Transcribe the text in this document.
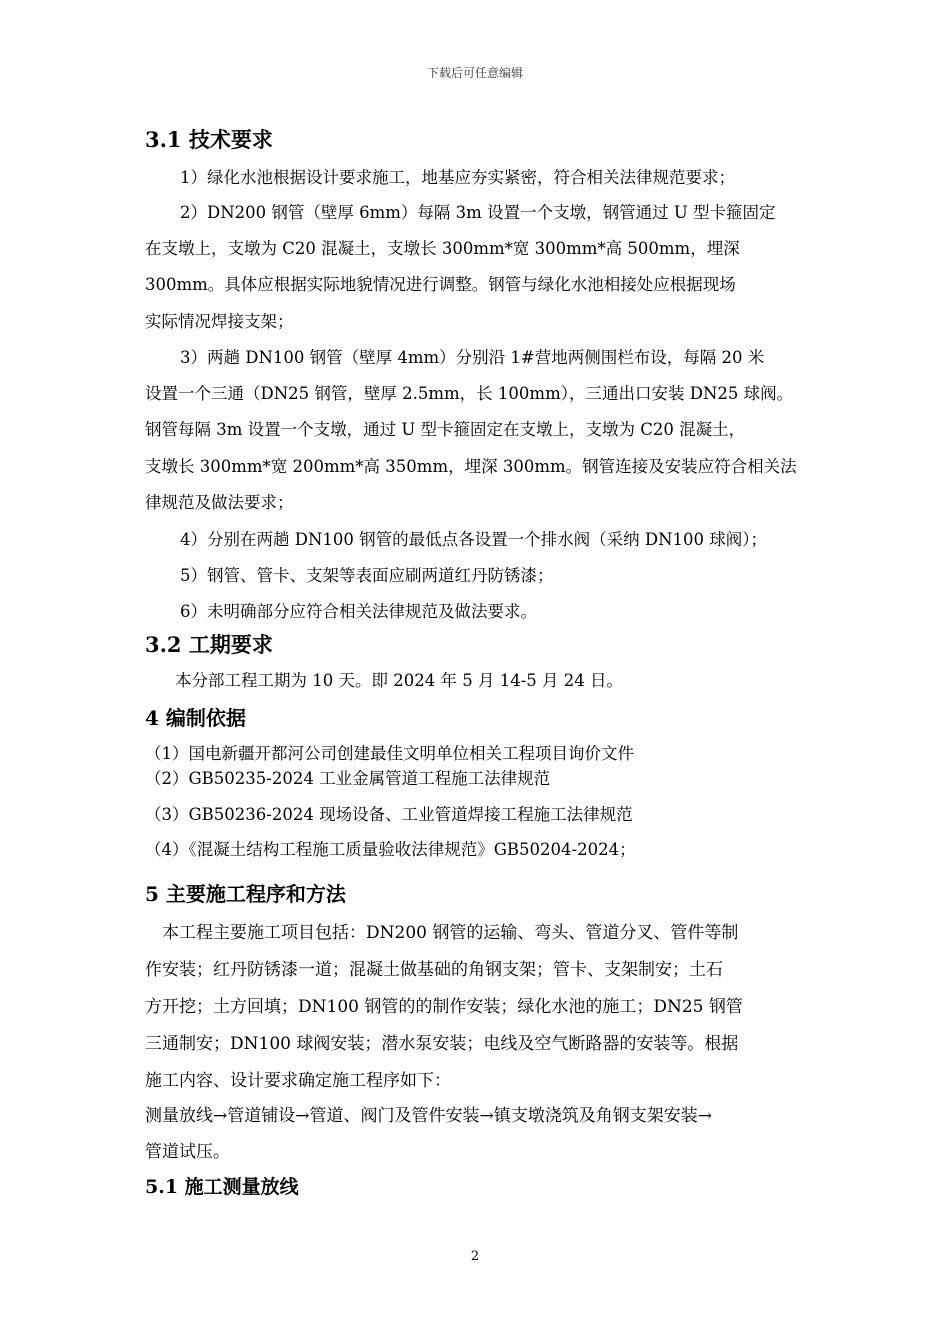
下载后可任意编辑
3.1 技术要求
1）绿化水池根据设计要求施工，地基应夯实紧密，符合相关法律规范要求；
2）DN200 钢管（壁厚 6mm）每隔 3m 设置一个支墩，钢管通过 U 型卡箍固定
在支墩上，支墩为 C20 混凝土，支墩长 300mm*宽 300mm*高 500mm，埋深
300mm。具体应根据实际地貌情况进行调整。钢管与绿化水池相接处应根据现场
实际情况焊接支架；
3）两趟 DN100 钢管（壁厚 4mm）分别沿 1#营地两侧围栏布设，每隔 20 米
设置一个三通（DN25 钢管，壁厚 2.5mm，长 100mm），三通出口安装 DN25 球阀。
钢管每隔 3m 设置一个支墩，通过 U 型卡箍固定在支墩上，支墩为 C20 混凝土，
支墩长 300mm*宽 200mm*高 350mm，埋深 300mm。钢管连接及安装应符合相关法
律规范及做法要求；
4）分别在两趟 DN100 钢管的最低点各设置一个排水阀（采纳 DN100 球阀）；
5）钢管、管卡、支架等表面应刷两道红丹防锈漆；
6）未明确部分应符合相关法律规范及做法要求。
3.2 工期要求
本分部工程工期为 10 天。即 2024 年 5 月 14-5 月 24 日。
4 编制依据
（1）国电新疆开都河公司创建最佳文明单位相关工程项目询价文件
（2）GB50235-2024 工业金属管道工程施工法律规范
（3）GB50236-2024 现场设备、工业管道焊接工程施工法律规范
（4）《混凝土结构工程施工质量验收法律规范》GB50204-2024；
5 主要施工程序和方法
本工程主要施工项目包括：DN200 钢管的运输、弯头、管道分叉、管件等制
作安装；红丹防锈漆一道；混凝土做基础的角钢支架；管卡、支架制安；土石
方开挖；土方回填；DN100 钢管的的制作安装；绿化水池的施工；DN25 钢管
三通制安；DN100 球阀安装；潜水泵安装；电线及空气断路器的安装等。根据
施工内容、设计要求确定施工程序如下：
测量放线→管道铺设→管道、阀门及管件安装→镇支墩浇筑及角钢支架安装→
管道试压。
5.1 施工测量放线
2
